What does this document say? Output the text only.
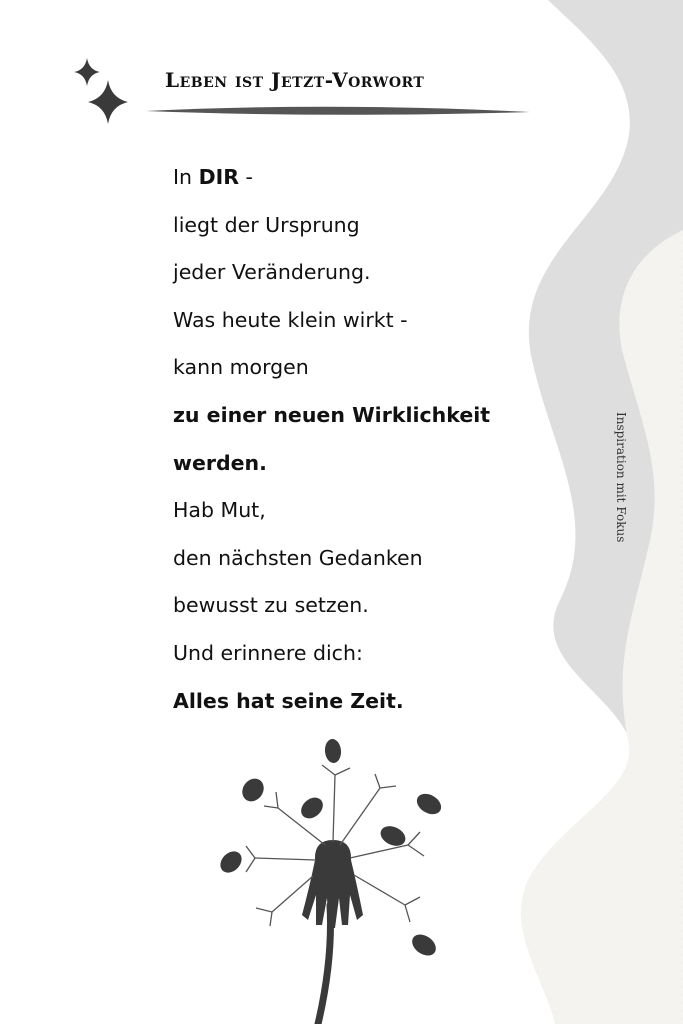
Leben ist Jetzt-Vorwort
In DIR -
liegt der Ursprung
jeder Veränderung.
Was heute klein wirkt -
kann morgen
zu einer neuen Wirklichkeit
werden.
Hab Mut,
den nächsten Gedanken
bewusst zu setzen.
Und erinnere dich:
Alles hat seine Zeit.
Inspiration mit Fokus
